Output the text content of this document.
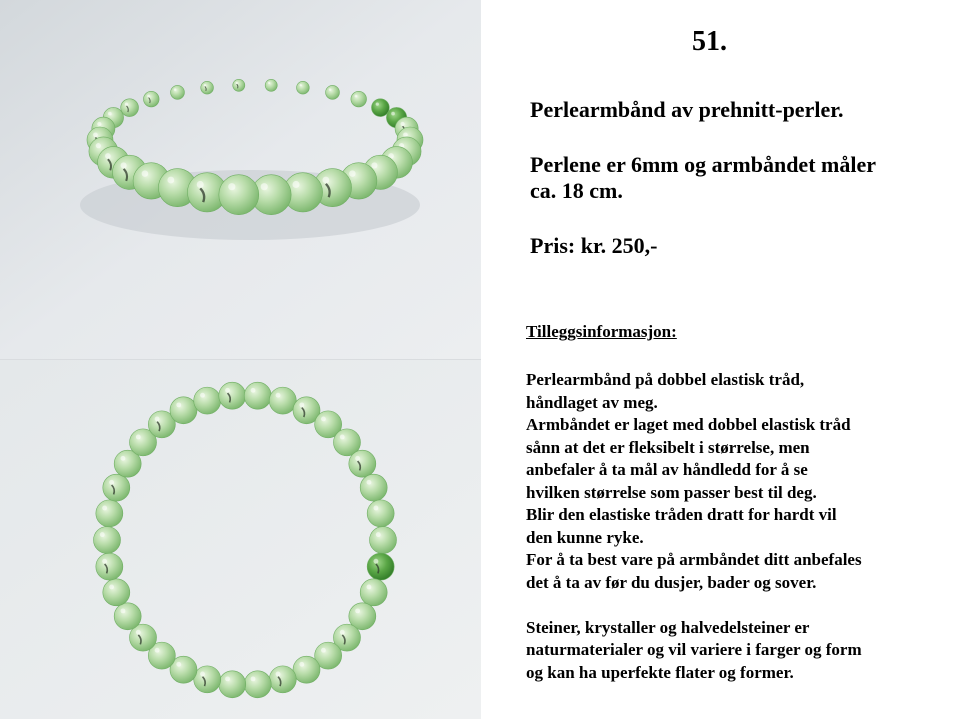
51.

Perlearmbånd av prehnitt-perler.

Perlene er 6mm og armbåndet måler
ca. 18 cm.

Pris: kr. 250,-

Tilleggsinformasjon:

Perlearmbånd på dobbel elastisk tråd,
håndlaget av meg.
Armbåndet er laget med dobbel elastisk tråd
sånn at det er fleksibelt i størrelse, men
anbefaler å ta mål av håndledd for å se
hvilken størrelse som passer best til deg.
Blir den elastiske tråden dratt for hardt vil
den kunne ryke.
For å ta best vare på armbåndet ditt anbefales
det å ta av før du dusjer, bader og sover.
Steiner, krystaller og halvedelsteiner er
naturmaterialer og vil variere i farger og form
og kan ha uperfekte flater og former.
